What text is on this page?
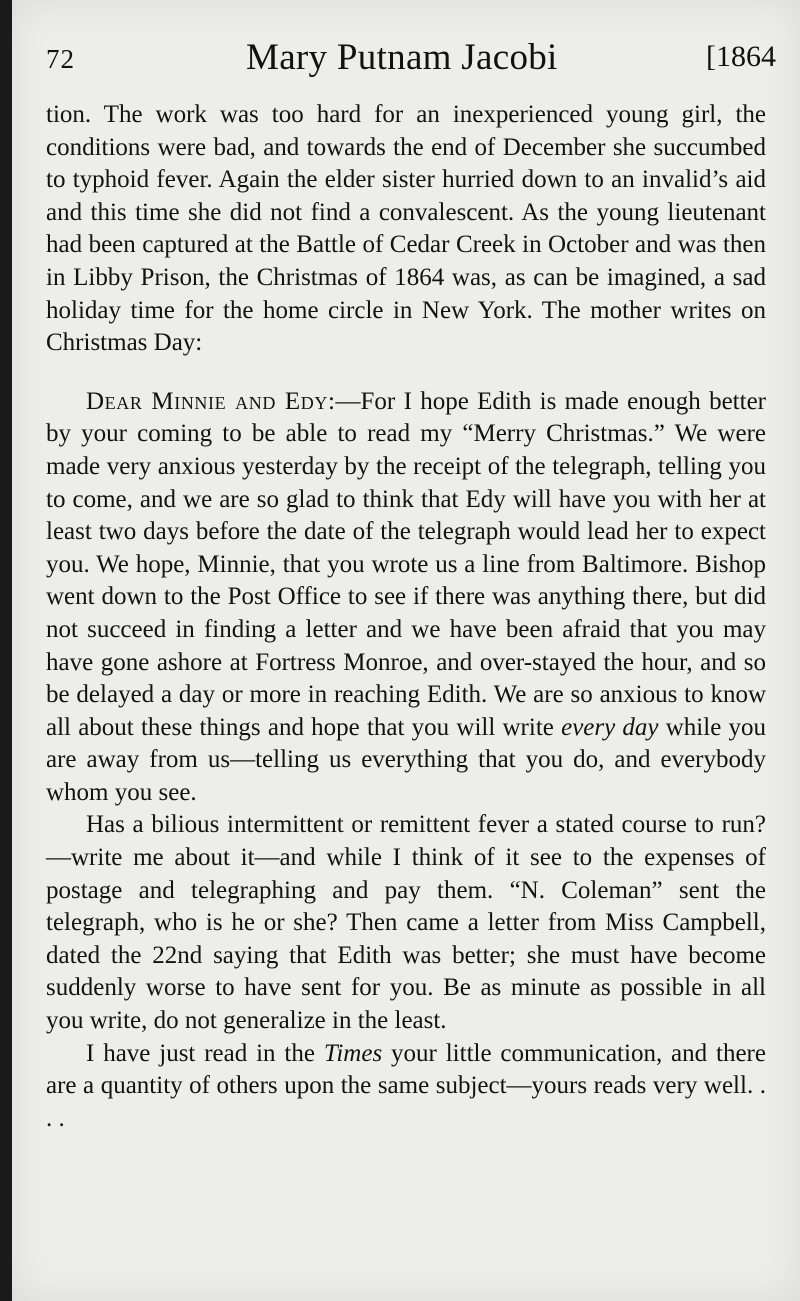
72	Mary Putnam Jacobi	[1864

tion. The work was too hard for an inexperienced young girl, the conditions were bad, and towards the end of December she succumbed to typhoid fever. Again the elder sister hurried down to an invalid’s aid and this time she did not find a convalescent. As the young lieutenant had been captured at the Battle of Cedar Creek in October and was then in Libby Prison, the Christmas of 1864 was, as can be imagined, a sad holiday time for the home circle in New York. The mother writes on Christmas Day:

Dear Minnie and Edy:—For I hope Edith is made enough better by your coming to be able to read my “Merry Christmas.” We were made very anxious yesterday by the receipt of the telegraph, telling you to come, and we are so glad to think that Edy will have you with her at least two days before the date of the telegraph would lead her to expect you. We hope, Minnie, that you wrote us a line from Baltimore. Bishop went down to the Post Office to see if there was anything there, but did not succeed in finding a letter and we have been afraid that you may have gone ashore at Fortress Monroe, and over-stayed the hour, and so be delayed a day or more in reaching Edith. We are so anxious to know all about these things and hope that you will write every day while you are away from us—telling us everything that you do, and everybody whom you see.

Has a bilious intermittent or remittent fever a stated course to run?—write me about it—and while I think of it see to the expenses of postage and telegraphing and pay them. “N. Coleman” sent the telegraph, who is he or she? Then came a letter from Miss Campbell, dated the 22nd saying that Edith was better; she must have become suddenly worse to have sent for you. Be as minute as possible in all you write, do not generalize in the least.

I have just read in the Times your little communication, and there are a quantity of others upon the same subject—yours reads very well. . . .
